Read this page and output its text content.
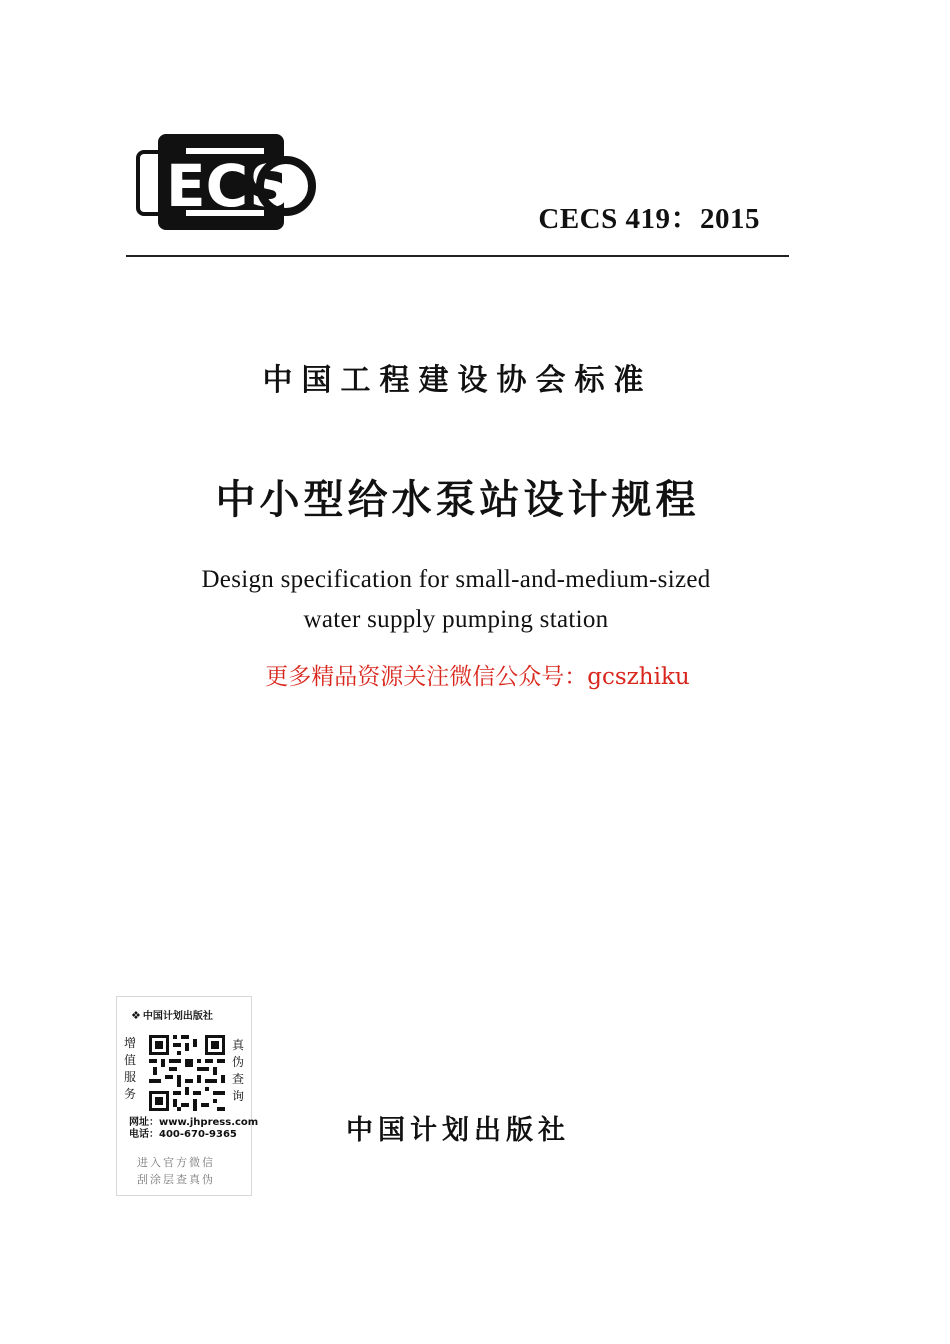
ECS	CECS 419：2015
中国工程建设协会标准
中小型给水泵站设计规程
Design specification for small-and-medium-sized
water supply pumping station
更多精品资源关注微信公众号：gcszhiku
❖ 中国计划出版社
增值服务
真伪查询
网址：www.jhpress.com
电话：400-670-9365
进入官方微信
刮涂层查真伪
中国计划出版社
